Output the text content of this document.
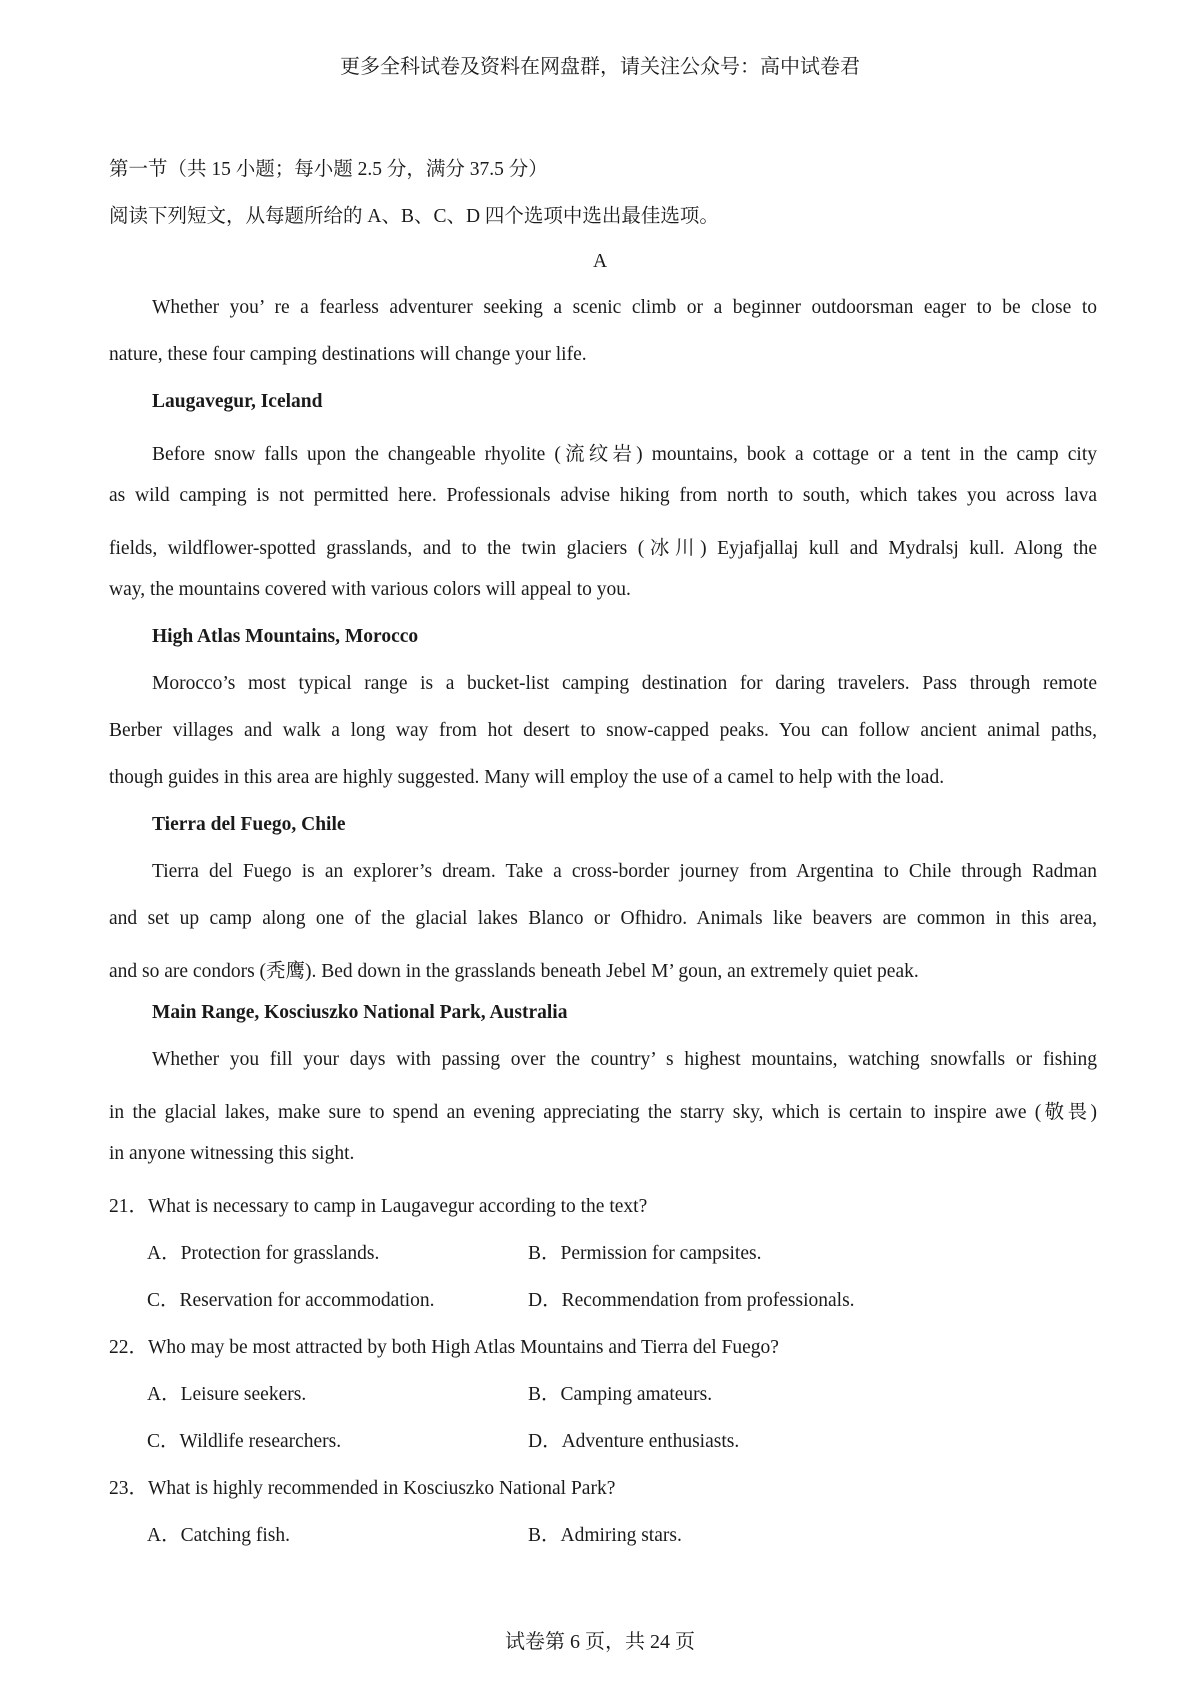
更多全科试卷及资料在网盘群，请关注公众号：高中试卷君
第一节（共 15 小题；每小题 2.5 分，满分 37.5 分）
阅读下列短文，从每题所给的 A、B、C、D 四个选项中选出最佳选项。
A
Whether you’ re a fearless adventurer seeking a scenic climb or a beginner outdoorsman eager to be close to
nature, these four camping destinations will change your life.
Laugavegur, Iceland
Before snow falls upon the changeable rhyolite (流纹岩) mountains, book a cottage or a tent in the camp city
as wild camping is not permitted here. Professionals advise hiking from north to south, which takes you across lava
fields, wildflower-spotted grasslands, and to the twin glaciers (冰川) Eyjafjallaj kull and Mydralsj kull. Along the
way, the mountains covered with various colors will appeal to you.
High Atlas Mountains, Morocco
Morocco’s most typical range is a bucket-list camping destination for daring travelers. Pass through remote
Berber villages and walk a long way from hot desert to snow-capped peaks. You can follow ancient animal paths,
though guides in this area are highly suggested. Many will employ the use of a camel to help with the load.
Tierra del Fuego, Chile
Tierra del Fuego is an explorer’s dream. Take a cross-border journey from Argentina to Chile through Radman
and set up camp along one of the glacial lakes Blanco or Ofhidro. Animals like beavers are common in this area,
and so are condors (秃鹰). Bed down in the grasslands beneath Jebel M’ goun, an extremely quiet peak.
Main Range, Kosciuszko National Park, Australia
Whether you fill your days with passing over the country’ s highest mountains, watching snowfalls or fishing
in the glacial lakes, make sure to spend an evening appreciating the starry sky, which is certain to inspire awe (敬畏)
in anyone witnessing this sight.
21．What is necessary to camp in Laugavegur according to the text?
A．Protection for grasslands.	B．Permission for campsites.
C．Reservation for accommodation.	D．Recommendation from professionals.
22．Who may be most attracted by both High Atlas Mountains and Tierra del Fuego?
A．Leisure seekers.	B．Camping amateurs.
C．Wildlife researchers.	D．Adventure enthusiasts.
23．What is highly recommended in Kosciuszko National Park?
A．Catching fish.	B．Admiring stars.
试卷第 6 页，共 24 页
